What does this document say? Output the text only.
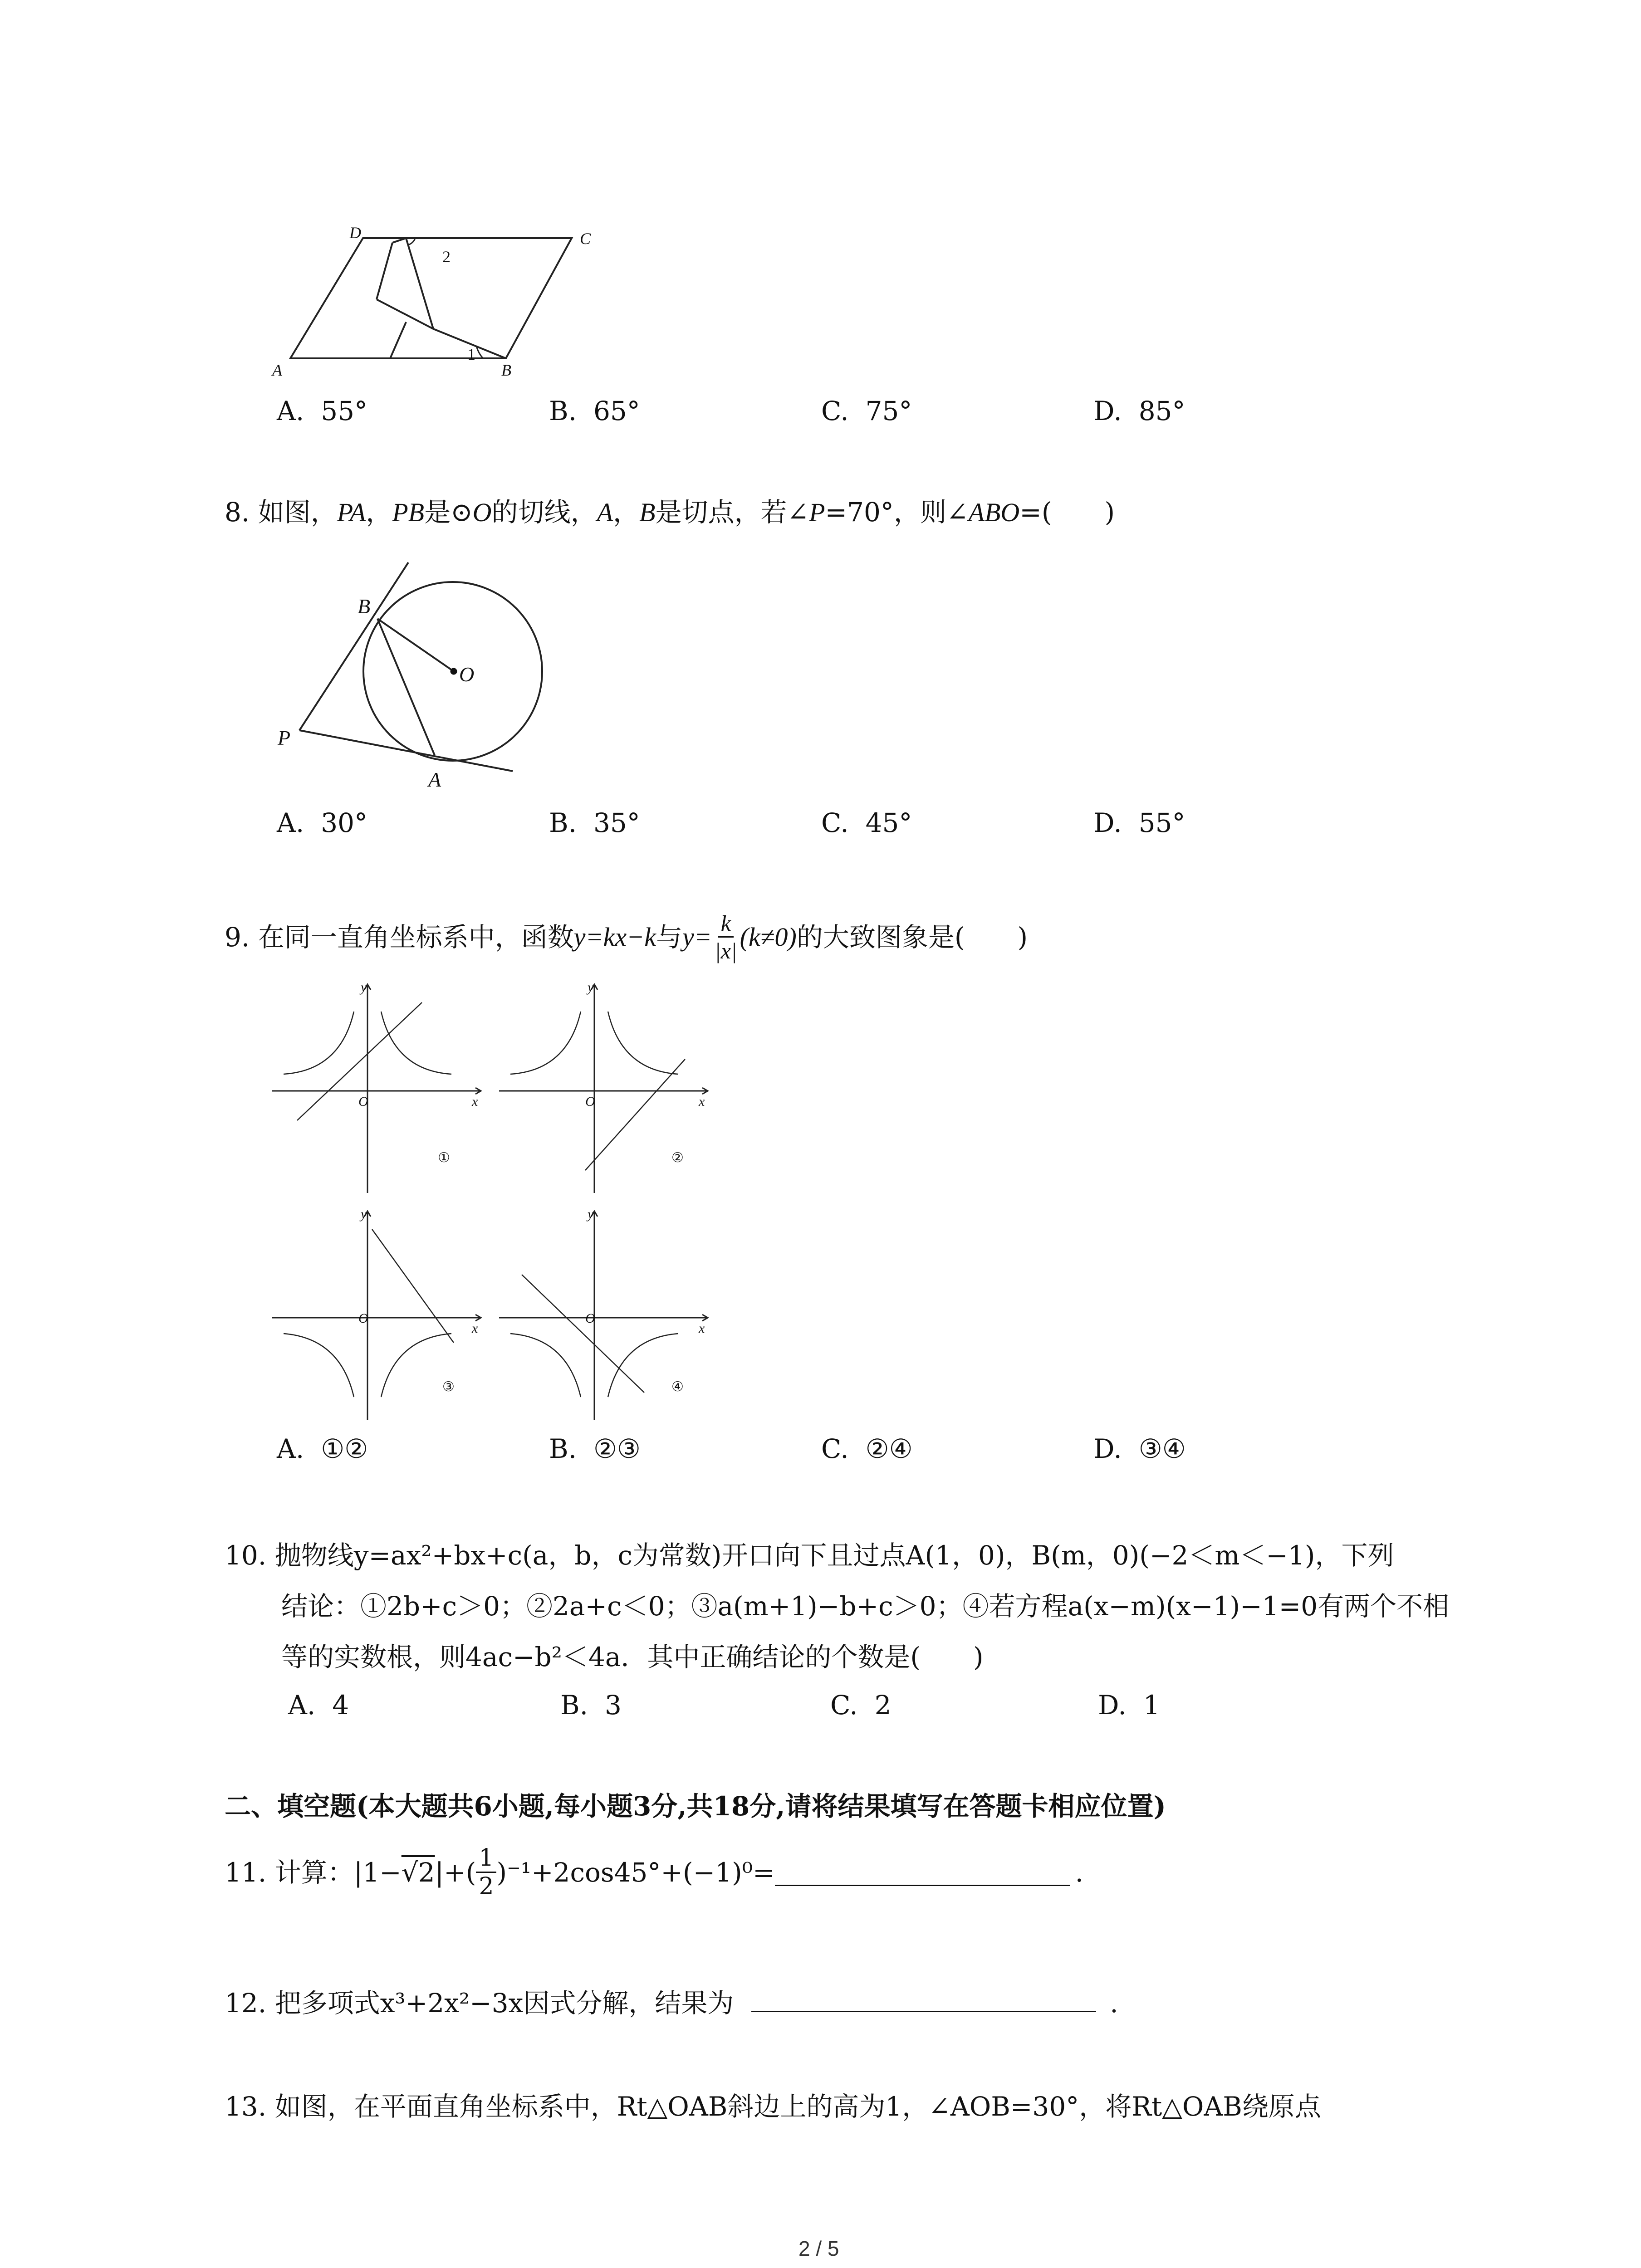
D	C
A	B
1
2
A. 55°	B. 65°	C. 75°	D. 85°
8. 如图，PA，PB是⊙O的切线，A，B是切点，若∠P=70°，则∠ABO=(　　)
B
O
P
A
A. 30°	B. 35°	C. 45°	D. 55°
9.
在同一直角坐标系中，函数 y=kx−k 与 $y= \frac{k}{|x|} (k\ne 0)$ 的大致图象是(　　)
y
x
O
①
y
x
O
②
y
x
O
③
y
x
O
④
A. ①②	B. ②③	C. ②④	D. ③④
10. 抛物线y=ax²+bx+c(a，b，c为常数)开口向下且过点A(1，0)，B(m，0)(−2＜m＜−1)，下列
结论：①2b+c＞0；②2a+c＜0；③a(m+1)−b+c＞0；④若方程a(x−m)(x−1)−1=0有两个不相
等的实数根，则4ac−b²＜4a．其中正确结论的个数是(　　)
A. 4	B. 3	C. 2	D. 1
二、填空题(本大题共6小题,每小题3分,共18分,请将结果填写在答题卡相应位置)
11.
计算：|1− √2 |+( $\frac{1}{2} )^{-1}+2\cos 45^\circ+(-1)^0=$	.
12. 把多项式x³+2x²−3x因式分解，结果为	.
13. 如图，在平面直角坐标系中，Rt△OAB斜边上的高为1，∠AOB=30°，将Rt△OAB绕原点
2 / 5
